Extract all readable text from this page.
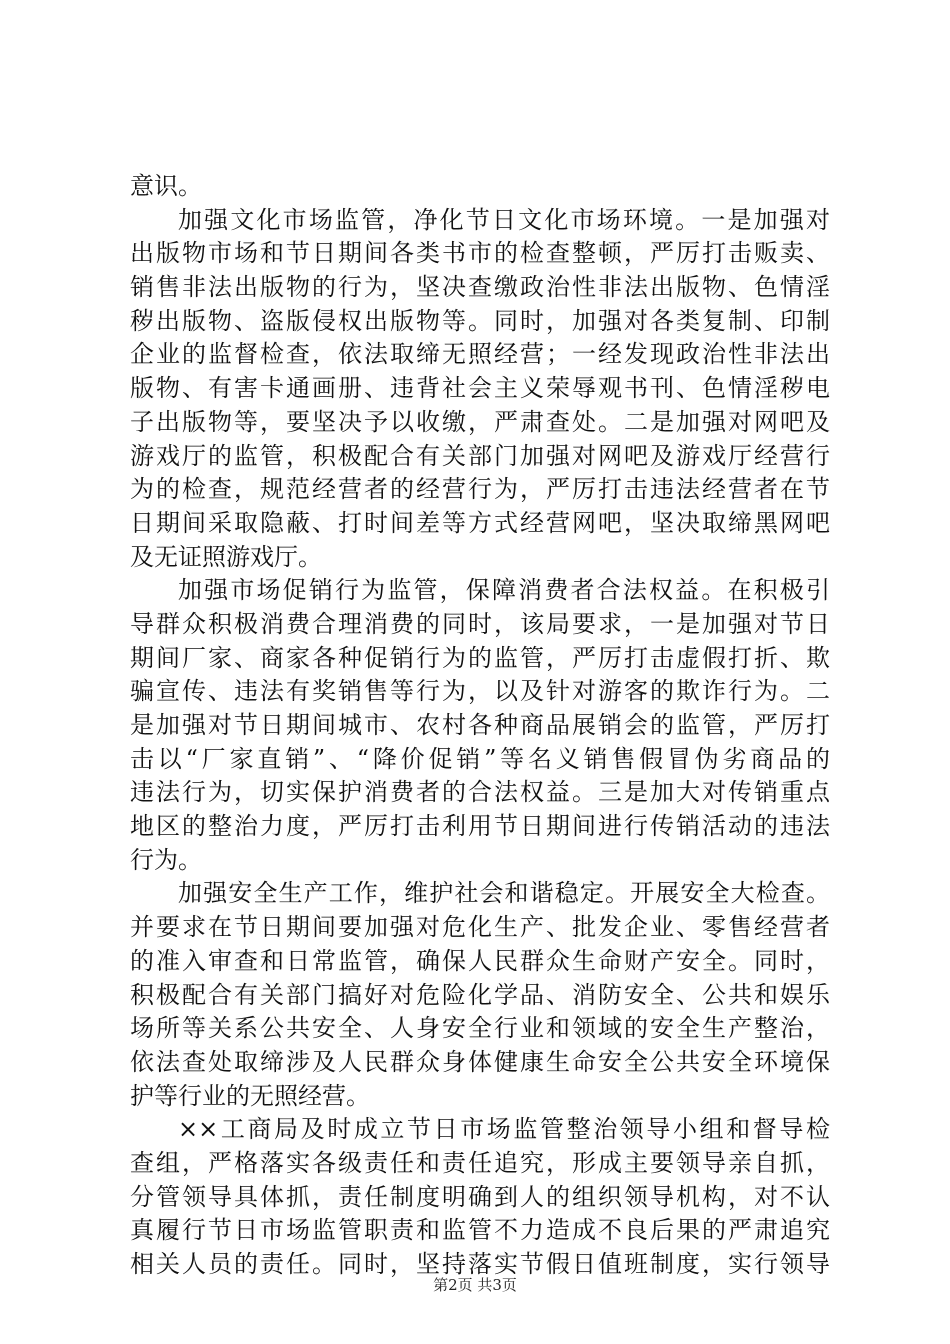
意识。
加强文化市场监管，净化节日文化市场环境。一是加强对
出版物市场和节日期间各类书市的检查整顿，严厉打击贩卖、
销售非法出版物的行为，坚决查缴政治性非法出版物、色情淫
秽出版物、盗版侵权出版物等。同时，加强对各类复制、印制
企业的监督检查，依法取缔无照经营；一经发现政治性非法出
版物、有害卡通画册、违背社会主义荣辱观书刊、色情淫秽电
子出版物等，要坚决予以收缴，严肃查处。二是加强对网吧及
游戏厅的监管，积极配合有关部门加强对网吧及游戏厅经营行
为的检查，规范经营者的经营行为，严厉打击违法经营者在节
日期间采取隐蔽、打时间差等方式经营网吧，坚决取缔黑网吧
及无证照游戏厅。
加强市场促销行为监管，保障消费者合法权益。在积极引
导群众积极消费合理消费的同时，该局要求，一是加强对节日
期间厂家、商家各种促销行为的监管，严厉打击虚假打折、欺
骗宣传、违法有奖销售等行为，以及针对游客的欺诈行为。二
是加强对节日期间城市、农村各种商品展销会的监管，严厉打
击以“厂家直销”、“降价促销”等名义销售假冒伪劣商品的
违法行为，切实保护消费者的合法权益。三是加大对传销重点
地区的整治力度，严厉打击利用节日期间进行传销活动的违法
行为。
加强安全生产工作，维护社会和谐稳定。开展安全大检查。
并要求在节日期间要加强对危化生产、批发企业、零售经营者
的准入审查和日常监管，确保人民群众生命财产安全。同时，
积极配合有关部门搞好对危险化学品、消防安全、公共和娱乐
场所等关系公共安全、人身安全行业和领域的安全生产整治，
依法查处取缔涉及人民群众身体健康生命安全公共安全环境保
护等行业的无照经营。
××工商局及时成立节日市场监管整治领导小组和督导检
查组，严格落实各级责任和责任追究，形成主要领导亲自抓，
分管领导具体抓，责任制度明确到人的组织领导机构，对不认
真履行节日市场监管职责和监管不力造成不良后果的严肃追究
相关人员的责任。同时，坚持落实节假日值班制度，实行领导
第2页 共3页
